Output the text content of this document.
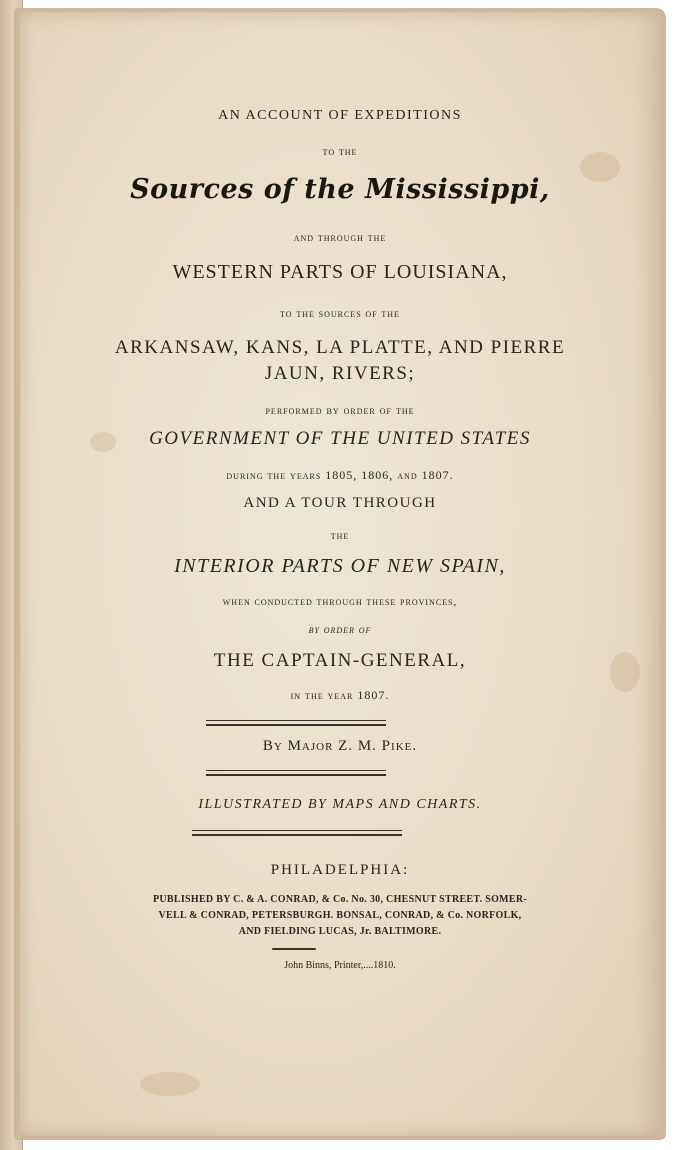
AN ACCOUNT OF EXPEDITIONS
to the
Sources of the Mississippi,
and through the
WESTERN PARTS OF LOUISIANA,
to the sources of the
ARKANSAW, KANS, LA PLATTE, AND PIERRE
JAUN, RIVERS;
performed by order of the
GOVERNMENT OF THE UNITED STATES
during the years 1805, 1806, and 1807.
AND A TOUR THROUGH
the
INTERIOR PARTS OF NEW SPAIN,
when conducted through these provinces,
by order of
THE CAPTAIN-GENERAL,
in the year 1807.
By Major Z. M. Pike.
ILLUSTRATED BY MAPS AND CHARTS.
PHILADELPHIA:
PUBLISHED BY C. & A. CONRAD, & Co. No. 30, CHESNUT STREET. SOMER-
VELL & CONRAD, PETERSBURGH. BONSAL, CONRAD, & Co. NORFOLK,
AND FIELDING LUCAS, Jr. BALTIMORE.
John Binns, Printer,....1810.
